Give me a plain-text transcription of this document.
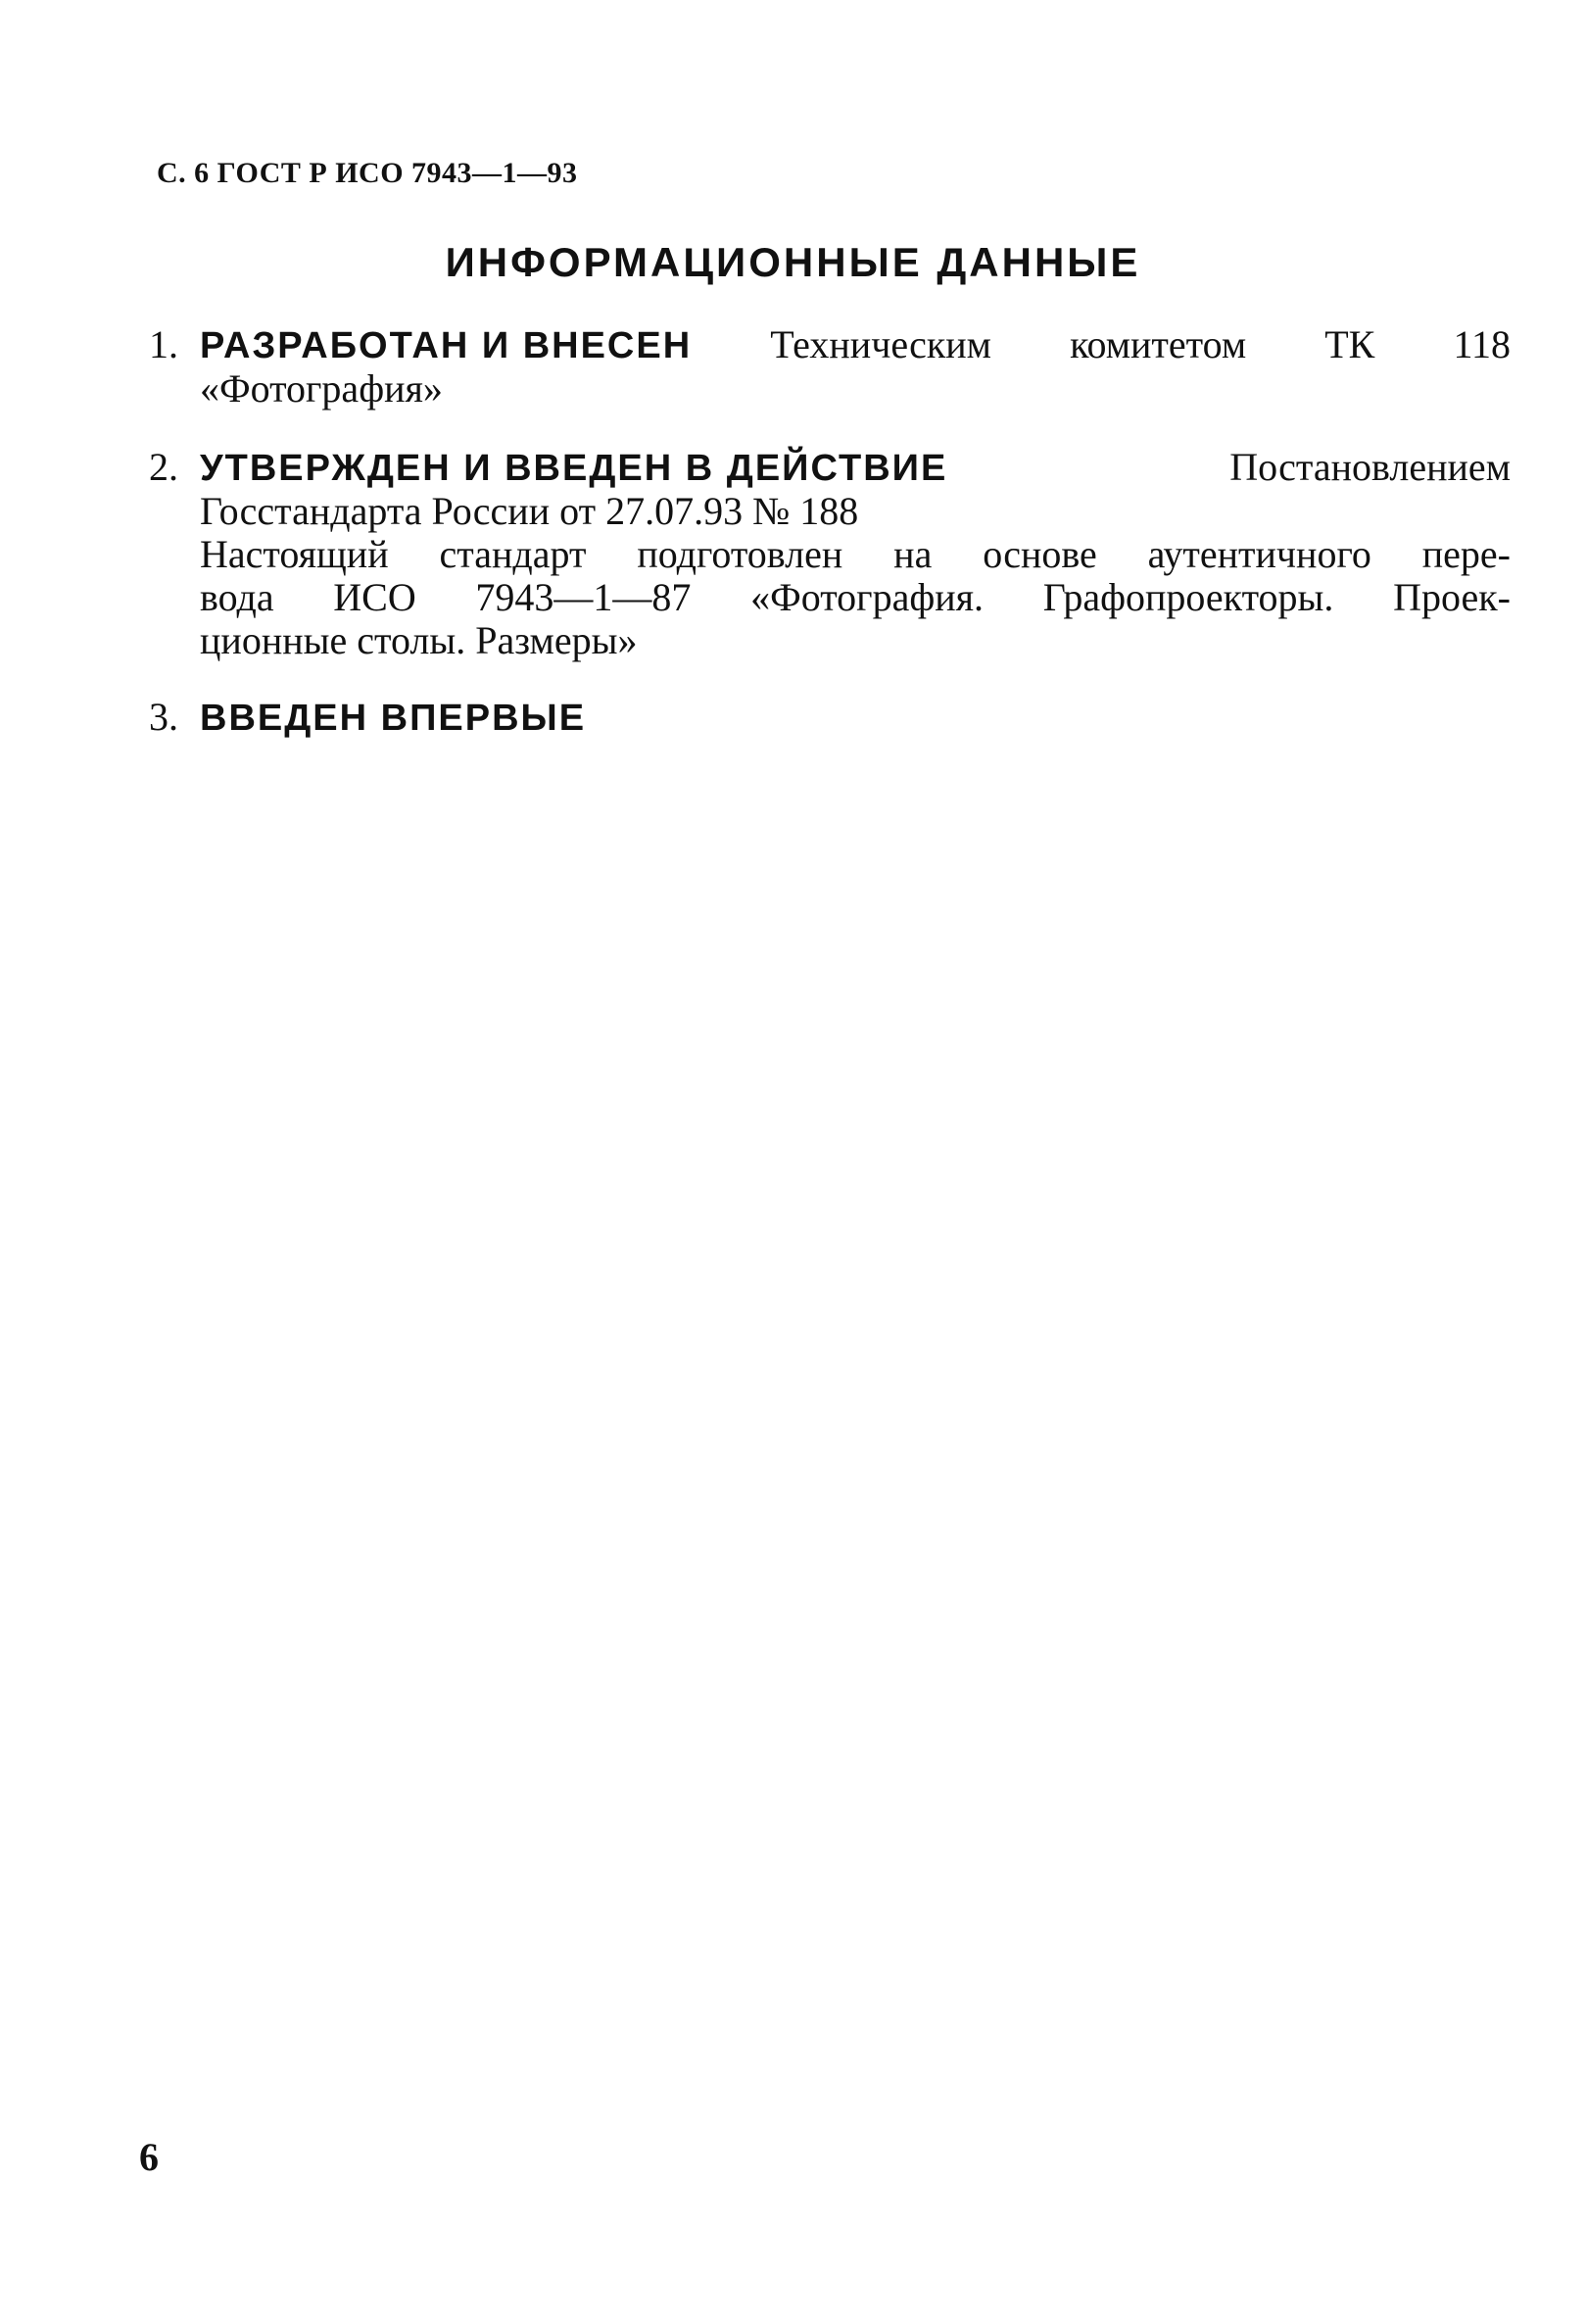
С. 6 ГОСТ Р ИСО 7943—1—93
ИНФОРМАЦИОННЫЕ ДАННЫЕ
1. РАЗРАБОТАН И ВНЕСЕН Техническим комитетом ТК 118
«Фотография»
2. УТВЕРЖДЕН И ВВЕДЕН В ДЕЙСТВИЕ	Постановлением
Госстандарта России от 27.07.93 № 188
Настоящий стандарт подготовлен на основе аутентичного пере-
вода ИСО 7943—1—87 «Фотография. Графопроекторы. Проек-
ционные столы. Размеры»
3. ВВЕДЕН ВПЕРВЫЕ
6
